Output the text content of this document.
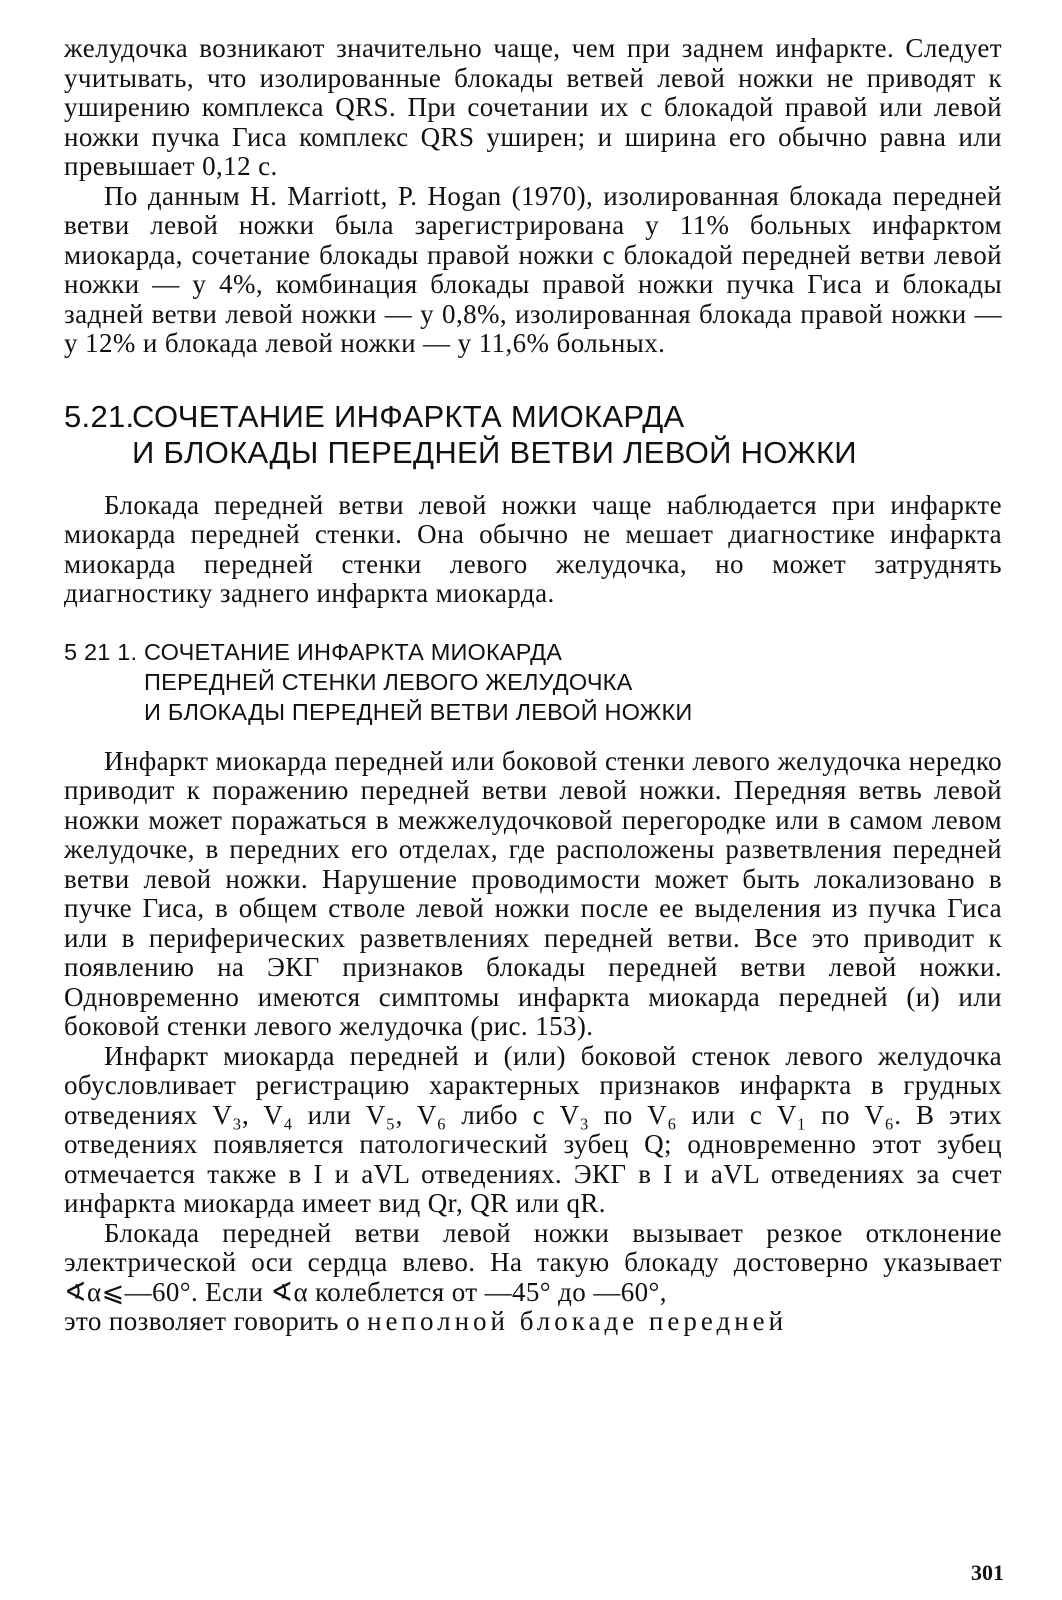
желудочка возникают значительно чаще, чем при заднем инфаркте. Следует учитывать, что изолированные блокады ветвей левой ножки не приводят к уширению комплекса QRS. При сочетании их с блокадой правой или левой ножки пучка Гиса комплекс QRS уширен; и ширина его обычно равна или превышает 0,12 с.

По данным H. Marriott, P. Hogan (1970), изолированная блокада передней ветви левой ножки была зарегистрирована у 11% больных инфарктом миокарда, сочетание блокады правой ножки с блокадой передней ветви левой ножки — у 4%, комбинация блокады правой ножки пучка Гиса и блокады задней ветви левой ножки — у 0,8%, изолированная блокада правой ножки — у 12% и блокада левой ножки — у 11,6% больных.

5.21.СОЧЕТАНИЕ ИНФАРКТА МИОКАРДА
И БЛОКАДЫ ПЕРЕДНЕЙ ВЕТВИ ЛЕВОЙ НОЖКИ

Блокада передней ветви левой ножки чаще наблюдается при инфаркте миокарда передней стенки. Она обычно не мешает диагностике инфаркта миокарда передней стенки левого желудочка, но может затруднять диагностику заднего инфаркта миокарда.

5 21 1. СОЧЕТАНИЕ ИНФАРКТА МИОКАРДА
ПЕРЕДНЕЙ СТЕНКИ ЛЕВОГО ЖЕЛУДОЧКА
И БЛОКАДЫ ПЕРЕДНЕЙ ВЕТВИ ЛЕВОЙ НОЖКИ

Инфаркт миокарда передней или боковой стенки левого желудочка нередко приводит к поражению передней ветви левой ножки. Передняя ветвь левой ножки может поражаться в межжелудочковой перегородке или в самом левом желудочке, в передних его отделах, где расположены разветвления передней ветви левой ножки. Нарушение проводимости может быть локализовано в пучке Гиса, в общем стволе левой ножки после ее выделения из пучка Гиса или в периферических разветвлениях передней ветви. Все это приводит к появлению на ЭКГ признаков блокады передней ветви левой ножки. Одновременно имеются симптомы инфаркта миокарда передней (и) или боковой стенки левого желудочка (рис. 153).

Инфаркт миокарда передней и (или) боковой стенок левого желудочка обусловливает регистрацию характерных признаков инфаркта в грудных отведениях V₃, V₄ или V₅, V₆ либо с V₃ по V₆ или с V₁ по V₆. В этих отведениях появляется патологический зубец Q; одновременно этот зубец отмечается также в I и aVL отведениях. ЭКГ в I и aVL отведениях за счет инфаркта миокарда имеет вид Qr, QR или qR.

Блокада передней ветви левой ножки вызывает резкое отклонение электрической оси сердца влево. На такую блокаду достоверно указывает ∢α⩽—60°. Если ∢α колеблется от —45° до —60°,

это позволяет говорить о неполной блокаде передней

301
